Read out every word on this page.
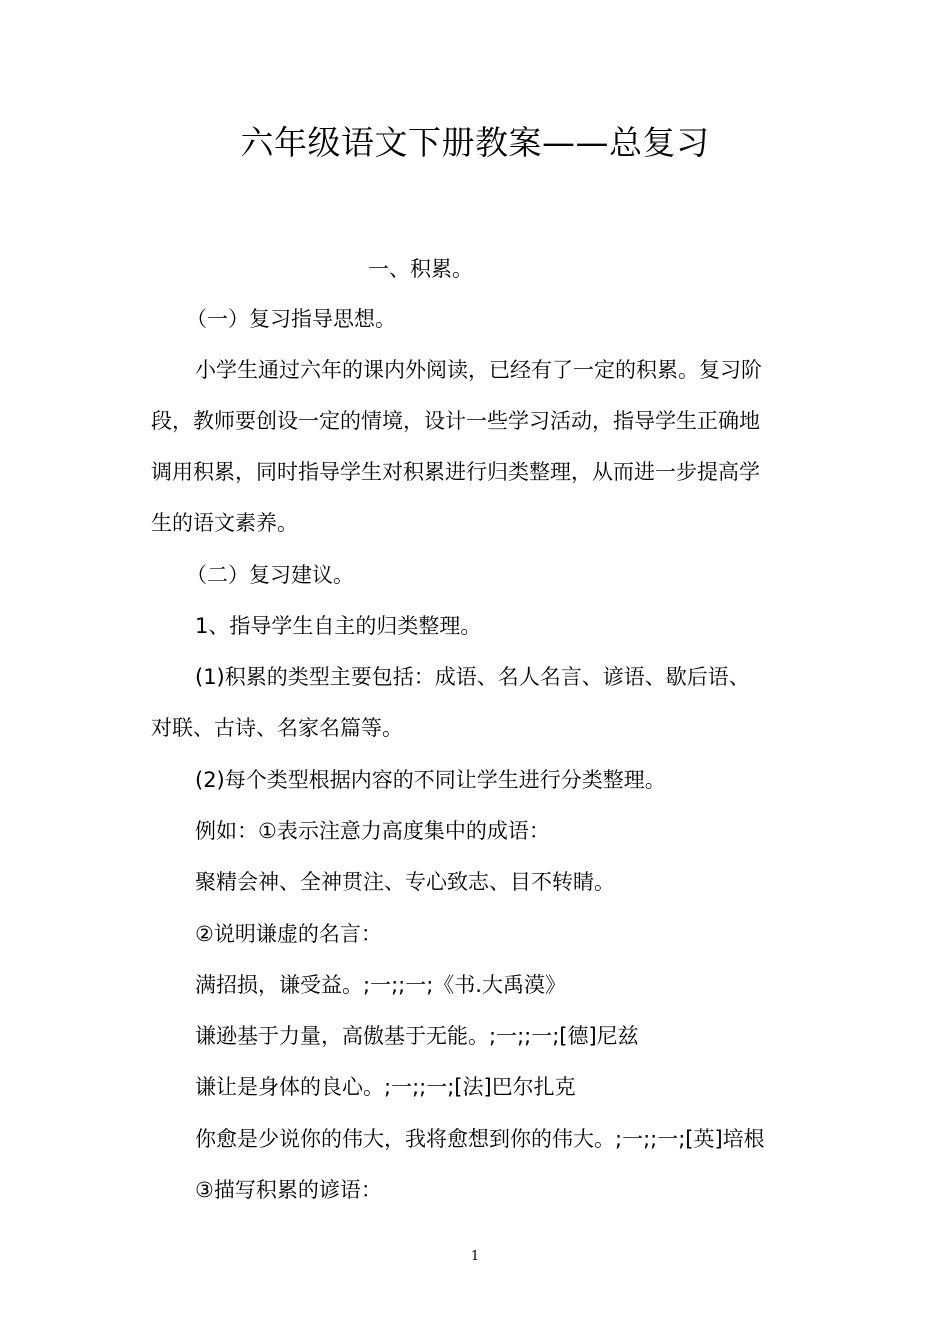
六年级语文下册教案——总复习
一、积累。
（一）复习指导思想。
小学生通过六年的课内外阅读，已经有了一定的积累。复习阶
段，教师要创设一定的情境，设计一些学习活动，指导学生正确地
调用积累，同时指导学生对积累进行归类整理，从而进一步提高学
生的语文素养。
（二）复习建议。
1、指导学生自主的归类整理。
(1)积累的类型主要包括：成语、名人名言、谚语、歇后语、
对联、古诗、名家名篇等。
(2)每个类型根据内容的不同让学生进行分类整理。
例如：①表示注意力高度集中的成语：
聚精会神、全神贯注、专心致志、目不转睛。
②说明谦虚的名言：
满招损，谦受益。;一;;一;《书.大禹漠》
谦逊基于力量，高傲基于无能。;一;;一;[德]尼兹
谦让是身体的良心。;一;;一;[法]巴尔扎克
你愈是少说你的伟大，我将愈想到你的伟大。;一;;一;[英]培根
③描写积累的谚语：
1
